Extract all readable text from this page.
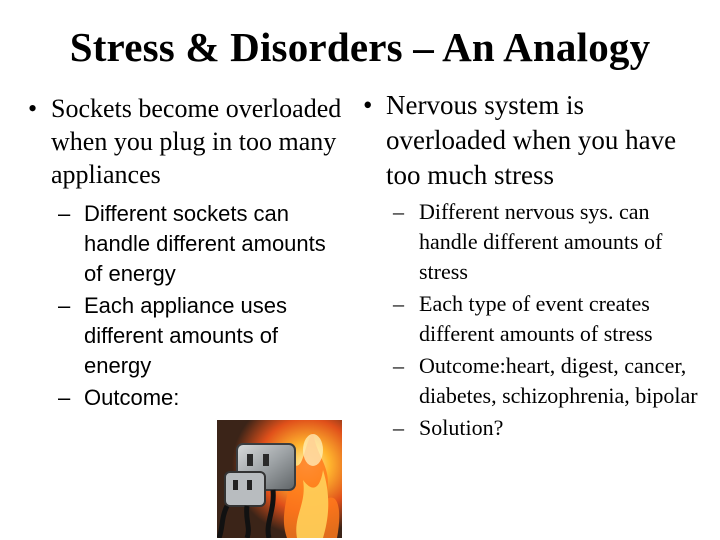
Stress & Disorders – An Analogy
• Sockets become overloaded when you plug in too many appliances
– Different sockets can handle different amounts of energy
– Each appliance uses different amounts of energy
– Outcome:
• Nervous system is overloaded when you have too much stress
– Different nervous sys. can handle different amounts of stress
– Each type of event creates different amounts of stress
– Outcome:heart, digest, cancer, diabetes, schizophrenia, bipolar
– Solution?
